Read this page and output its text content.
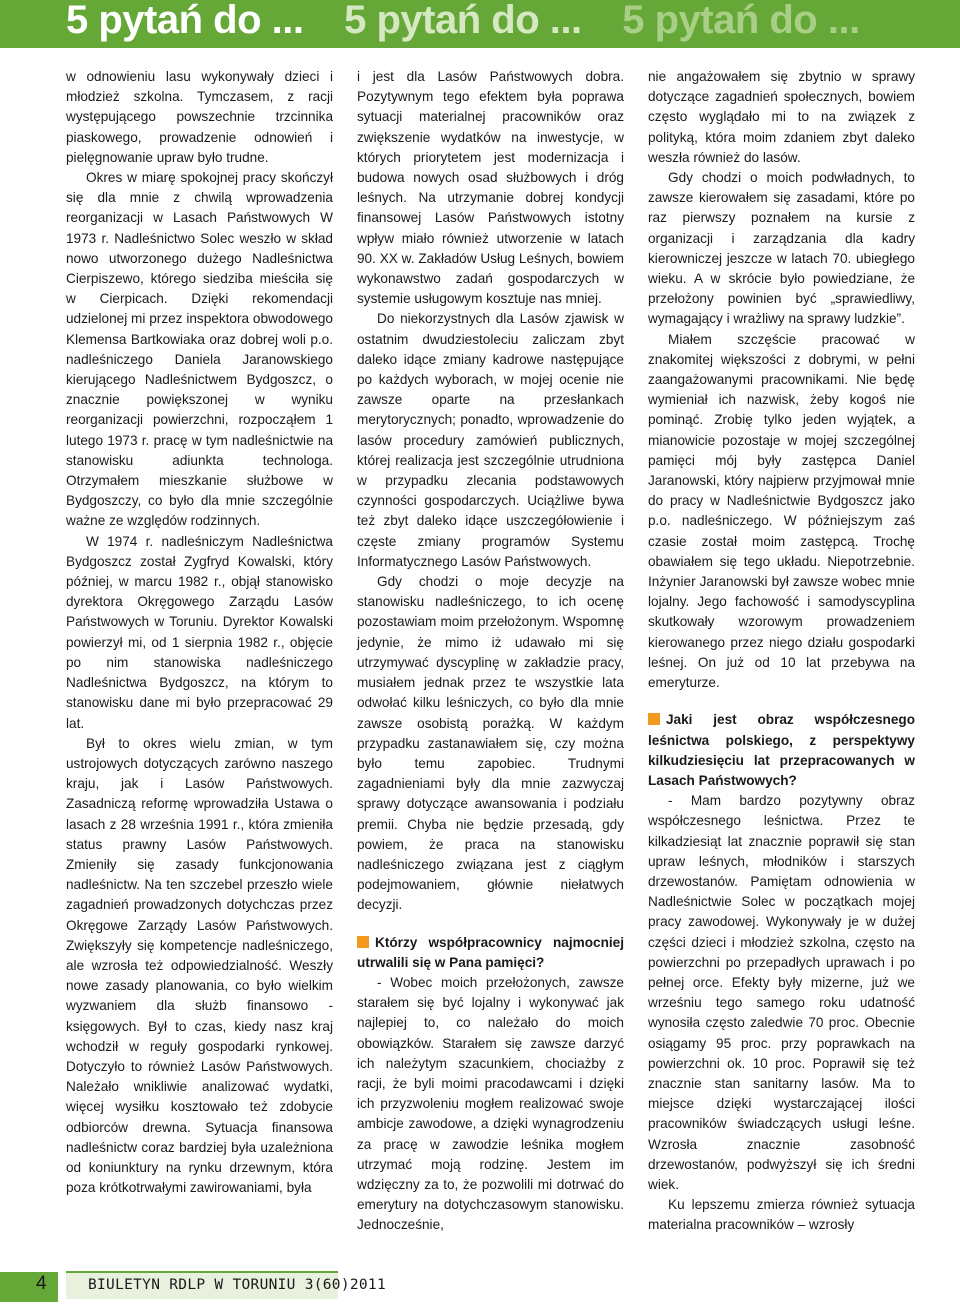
5 pytań do ... 5 pytań do ... 5 pytań do ...

w odnowieniu lasu wykonywały dzieci i młodzież szkolna. Tymczasem, z racji występującego powszechnie trzcinnika piaskowego, prowadzenie odnowień i pielęgnowanie upraw było trudne.

Okres w miarę spokojnej pracy skończył się dla mnie z chwilą wprowadzenia reorganizacji w Lasach Państwowych W 1973 r. Nadleśnictwo Solec weszło w skład nowo utworzonego dużego Nadleśnictwa Cierpiszewo, którego siedziba mieściła się w Cierpicach. Dzięki rekomendacji udzielonej mi przez inspektora obwodowego Klemensa Bartkowiaka oraz dobrej woli p.o. nadleśniczego Daniela Jaranowskiego kierującego Nadleśnictwem Bydgoszcz, o znacznie powiększonej w wyniku reorganizacji powierzchni, rozpocząłem 1 lutego 1973 r. pracę w tym nadleśnictwie na stanowisku adiunkta technologa. Otrzymałem mieszkanie służbowe w Bydgoszczy, co było dla mnie szczególnie ważne ze względów rodzinnych.

W 1974 r. nadleśniczym Nadleśnictwa Bydgoszcz został Zygfryd Kowalski, który później, w marcu 1982 r., objął stanowisko dyrektora Okręgowego Zarządu Lasów Państwowych w Toruniu. Dyrektor Kowalski powierzył mi, od 1 sierpnia 1982 r., objęcie po nim stanowiska nadleśniczego Nadleśnictwa Bydgoszcz, na którym to stanowisku dane mi było przepracować 29 lat.

Był to okres wielu zmian, w tym ustrojowych dotyczących zarówno naszego kraju, jak i Lasów Państwowych. Zasadniczą reformę wprowadziła Ustawa o lasach z 28 września 1991 r., która zmieniła status prawny Lasów Państwowych. Zmieniły się zasady funkcjonowania nadleśnictw. Na ten szczebel przeszło wiele zagadnień prowadzonych dotychczas przez Okręgowe Zarządy Lasów Państwowych. Zwiększyły się kompetencje nadleśniczego, ale wzrosła też odpowiedzialność. Weszły nowe zasady planowania, co było wielkim wyzwaniem dla służb finansowo -księgowych. Był to czas, kiedy nasz kraj wchodził w reguły gospodarki rynkowej. Dotyczyło to również Lasów Państwowych. Należało wnikliwie analizować wydatki, więcej wysiłku kosztowało też zdobycie odbiorców drewna. Sytuacja finansowa nadleśnictw coraz bardziej była uzależniona od koniunktury na rynku drzewnym, która poza krótkotrwałymi zawirowaniami, była

i jest dla Lasów Państwowych dobra. Pozytywnym tego efektem była poprawa sytuacji materialnej pracowników oraz zwiększenie wydatków na inwestycje, w których priorytetem jest modernizacja i budowa nowych osad służbowych i dróg leśnych. Na utrzymanie dobrej kondycji finansowej Lasów Państwowych istotny wpływ miało również utworzenie w latach 90. XX w. Zakładów Usług Leśnych, bowiem wykonawstwo zadań gospodarczych w systemie usługowym kosztuje nas mniej.

Do niekorzystnych dla Lasów zjawisk w ostatnim dwudziestoleciu zaliczam zbyt daleko idące zmiany kadrowe następujące po każdych wyborach, w mojej ocenie nie zawsze oparte na przesłankach merytorycznych; ponadto, wprowadzenie do lasów procedury zamówień publicznych, której realizacja jest szczególnie utrudniona w przypadku zlecania podstawowych czynności gospodarczych. Uciążliwe bywa też zbyt daleko idące uszczegółowienie i częste zmiany programów Systemu Informatycznego Lasów Państwowych.

Gdy chodzi o moje decyzje na stanowisku nadleśniczego, to ich ocenę pozostawiam moim przełożonym. Wspomnę jedynie, że mimo iż udawało mi się utrzymywać dyscyplinę w zakładzie pracy, musiałem jednak przez te wszystkie lata odwołać kilku leśniczych, co było dla mnie zawsze osobistą porażką. W każdym przypadku zastanawiałem się, czy można było temu zapobiec. Trudnymi zagadnieniami były dla mnie zazwyczaj sprawy dotyczące awansowania i podziału premii. Chyba nie będzie przesadą, gdy powiem, że praca na stanowisku nadleśniczego związana jest z ciągłym podejmowaniem, głównie niełatwych decyzji.

Którzy współpracownicy najmocniej utrwalili się w Pana pamięci?

- Wobec moich przełożonych, zawsze starałem się być lojalny i wykonywać jak najlepiej to, co należało do moich obowiązków. Starałem się zawsze darzyć ich należytym szacunkiem, chociażby z racji, że byli moimi pracodawcami i dzięki ich przyzwoleniu mogłem realizować swoje ambicje zawodowe, a dzięki wynagrodzeniu za pracę w zawodzie leśnika mogłem utrzymać moją rodzinę. Jestem im wdzięczny za to, że pozwolili mi dotrwać do emerytury na dotychczasowym stanowisku. Jednocześnie,

nie angażowałem się zbytnio w sprawy dotyczące zagadnień społecznych, bowiem często wyglądało mi to na związek z polityką, która moim zdaniem zbyt daleko weszła również do lasów.

Gdy chodzi o moich podwładnych, to zawsze kierowałem się zasadami, które po raz pierwszy poznałem na kursie z organizacji i zarządzania dla kadry kierowniczej jeszcze w latach 70. ubiegłego wieku. A w skrócie było powiedziane, że przełożony powinien być „sprawiedliwy, wymagający i wrażliwy na sprawy ludzkie”.

Miałem szczęście pracować w znakomitej większości z dobrymi, w pełni zaangażowanymi pracownikami. Nie będę wymieniał ich nazwisk, żeby kogoś nie pominąć. Zrobię tylko jeden wyjątek, a mianowicie pozostaje w mojej szczególnej pamięci mój były zastępca Daniel Jaranowski, który najpierw przyjmował mnie do pracy w Nadleśnictwie Bydgoszcz jako p.o. nadleśniczego. W późniejszym zaś czasie został moim zastępcą. Trochę obawiałem się tego układu. Niepotrzebnie. Inżynier Jaranowski był zawsze wobec mnie lojalny. Jego fachowość i samodyscyplina skutkowały wzorowym prowadzeniem kierowanego przez niego działu gospodarki leśnej. On już od 10 lat przebywa na emeryturze.

Jaki jest obraz współczesnego leśnictwa polskiego, z perspektywy kilkudziesięciu lat przepracowanych w Lasach Państwowych?

- Mam bardzo pozytywny obraz współczesnego leśnictwa. Przez te kilkadziesiąt lat znacznie poprawił się stan upraw leśnych, młodników i starszych drzewostanów. Pamiętam odnowienia w Nadleśnictwie Solec w początkach mojej pracy zawodowej. Wykonywały je w dużej części dzieci i młodzież szkolna, często na powierzchni po przepadłych uprawach i po pełnej orce. Efekty były mizerne, już we wrześniu tego samego roku udatność wynosiła często zaledwie 70 proc. Obecnie osiągamy 95 proc. przy poprawkach na powierzchni ok. 10 proc. Poprawił się też znacznie stan sanitarny lasów. Ma to miejsce dzięki wystarczającej ilości pracowników świadczących usługi leśne. Wzrosła znacznie zasobność drzewostanów, podwyższył się ich średni wiek.

Ku lepszemu zmierza również sytuacja materialna pracowników – wzrosły

4	BIULETYN RDLP W TORUNIU 3(60)2011
